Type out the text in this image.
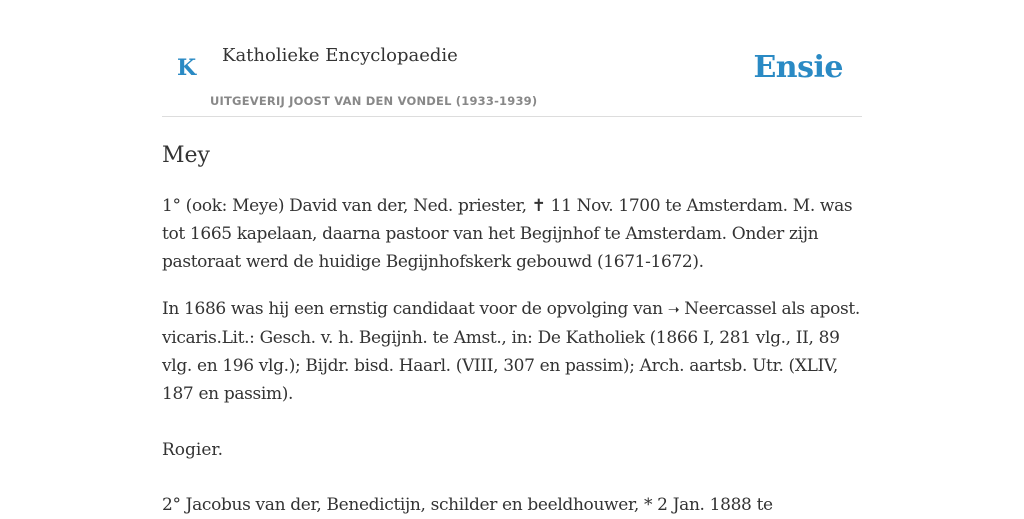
K Katholieke Encyclopaedie
UITGEVERIJ JOOST VAN DEN VONDEL (1933-1939)
Ensie
Mey

1° (ook: Meye) David van der, Ned. priester, ✝ 11 Nov. 1700 te Amsterdam. M. was tot 1665 kapelaan, daarna pastoor van het Begijnhof te Amsterdam. Onder zijn pastoraat werd de huidige Begijnhofskerk gebouwd (1671-1672).

In 1686 was hij een ernstig candidaat voor de opvolging van ➝ Neercassel als apost. vicaris.Lit.: Gesch. v. h. Begijnh. te Amst., in: De Katholiek (1866 I, 281 vlg., II, 89 vlg. en 196 vlg.); Bijdr. bisd. Haarl. (VIII, 307 en passim); Arch. aartsb. Utr. (XLIV, 187 en passim).

Rogier.

2° Jacobus van der, Benedictijn, schilder en beeldhouwer, * 2 Jan. 1888 te
